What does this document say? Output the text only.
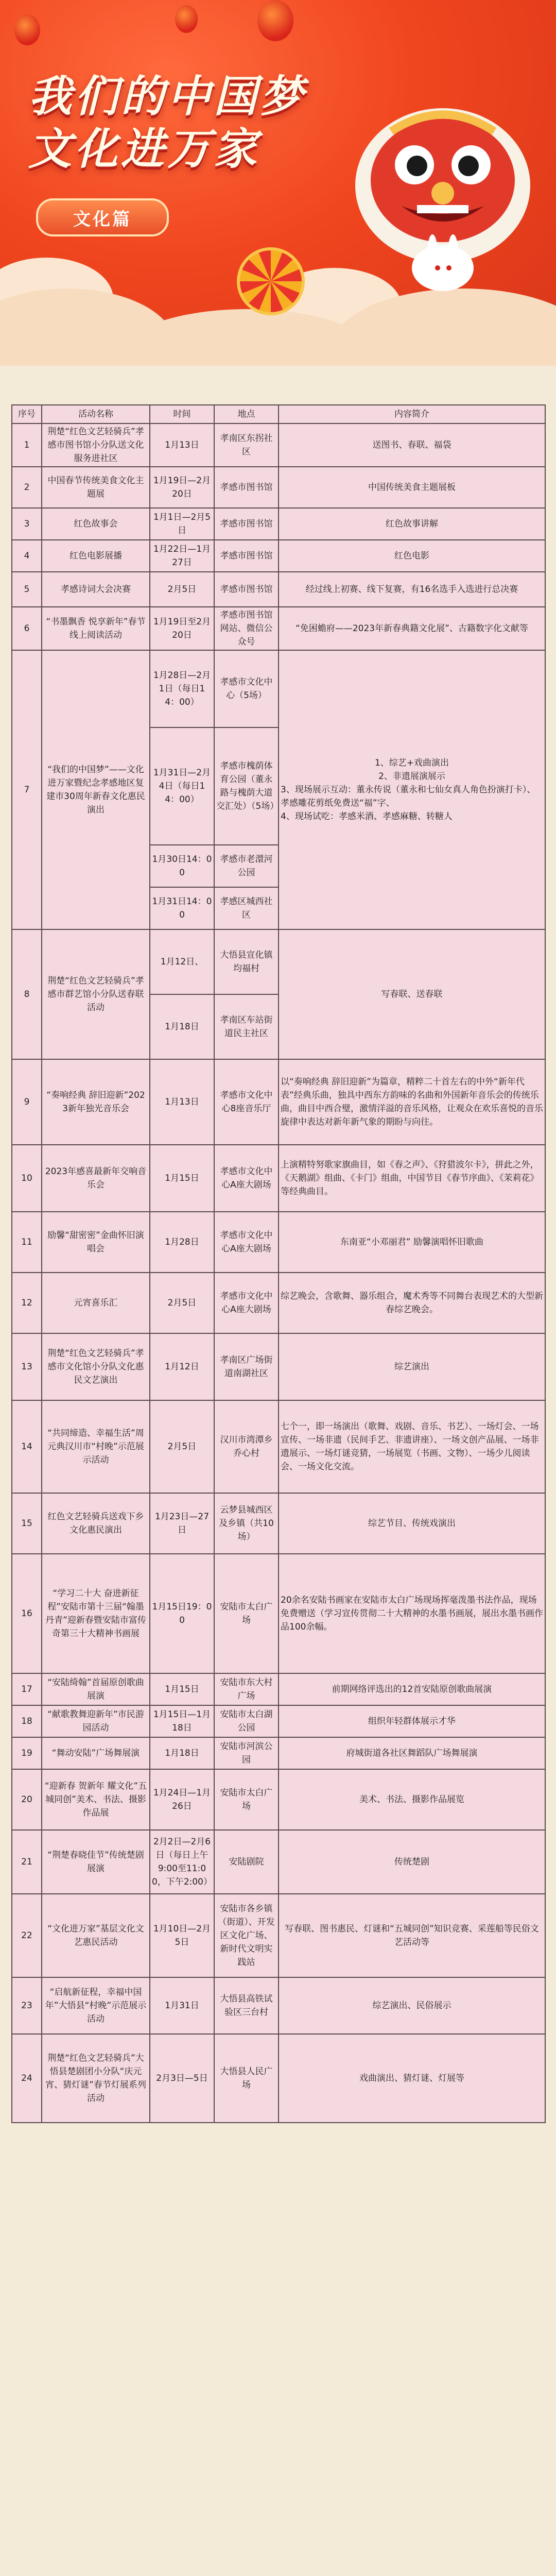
我们的中国梦
文化进万家
文化篇
序号	活动名称	时间	地点	内容简介
1	荆楚“红色文艺轻骑兵”孝感市图书馆小分队送文化服务进社区	1月13日	孝南区东拐社区	送图书、春联、福袋
2	中国春节传统美食文化主题展	1月19日—2月20日	孝感市图书馆	中国传统美食主题展板
3	红色故事会	1月1日—2月5日	孝感市图书馆	红色故事讲解
4	红色电影展播	1月22日—1月27日	孝感市图书馆	红色电影
5	孝感诗词大会决赛	2月5日	孝感市图书馆	经过线上初赛、线下复赛，有16名选手入选进行总决赛
6	“书墨飘香 悦享新年”春节线上阅读活动	1月19日至2月20日	孝感市图书馆网站、微信公众号	“免困蟾府——2023年新春典籍文化展”、古籍数字化文献等
7	“我们的中国梦”——文化进万家暨纪念孝感地区复建市30周年新春文化惠民演出	1月28日—2月1日（每日14：00）	孝感市文化中心（5场）	1、综艺+戏曲演出
2、非遗展演展示
3、现场展示互动：董永传说（董永和七仙女真人角色扮演打卡）、孝感雕花剪纸免费送“福”字、
4、现场试吃：孝感米酒、孝感麻糖、转糖人

		1月31日—2月4日（每日14：00）	孝感市槐荫体育公园（董永路与槐荫大道交汇处）（5场）	
		1月30日14：00	孝感市老澴河公园	
		1月31日14：00	孝感区城西社区	
8	荆楚“红色文艺轻骑兵”孝感市群艺馆小分队送春联活动	1月12日、	大悟县宣化镇均福村	写春联、送春联
		1月18日	孝南区车站街道民主社区	
9	“奏响经典 辞旧迎新”2023新年独光音乐会	1月13日	孝感市文化中心8座音乐厅	以“奏响经典 辞旧迎新”为篇章，精粹二十首左右的中外“新年代表”经典乐曲，独具中西东方韵味的名曲和外国新年音乐会的传统乐曲，曲目中西合璧，激情洋溢的音乐风格，让观众在欢乐喜悦的音乐旋律中表达对新年新气象的期盼与向往。
10	2023年感喜最新年交响音乐会	1月15日	孝感市文化中心A座大剧场	上演精特努歌家旗曲目，如《春之声》、《狩猎波尔卡》，拼此之外，《天鹅湖》组曲、《卡门》组曲，中国节目《春节序曲》、《茉莉花》等经典曲目。
11	励馨“甜密密”金曲怀旧演唱会	1月28日	孝感市文化中心A座大剧场	东南亚“小邓丽君” 励馨演唱怀旧歌曲
12	元宵喜乐汇	2月5日	孝感市文化中心A座大剧场	综艺晚会，含歌舞、器乐组合，魔术秀等不同舞台表现艺术的大型新春综艺晚会。
13	荆楚“红色文艺轻骑兵”孝感市文化馆小分队文化惠民文艺演出	1月12日	孝南区广场街道南湖社区	综艺演出
14	“共同缔造、幸福生活”周元典汉川市“村晚”示范展示活动	2月5日	汉川市湾潭乡乔心村	七个一，即一场演出（歌舞、戏剧、音乐、书艺）、一场灯会、一场宣传、一场非遗（民间手艺、非遗讲座）、一场文创产品展、一场非遗展示、一场灯谜竞猜，一场展览（书画、文物）、一场少儿阅读会、一场文化交流。
15	红色文艺轻骑兵送戏下乡文化惠民演出	1月23日—27日	云梦县城西区及乡镇（共10场）	综艺节目、传统戏演出
16	“学习二十大 奋进新征程”安陆市第十三届“翰墨丹青”迎新春暨安陆市富传奇第三十大精神书画展	1月15日19：00	安陆市太白广场	20余名安陆书画家在安陆市太白广场现场挥毫泼墨书法作品，现场免费赠送（学习宣传贯彻二十大精神的水墨书画展，展出水墨书画作品100余幅。
17	“安陆绮翰”首届原创歌曲展演	1月15日	安陆市东大村广场	前期网络评选出的12首安陆原创歌曲展演
18	“献歌教舞迎新年”市民游园活动	1月15日—1月18日	安陆市太白湖公园	组织年轻群体展示才华
19	“舞动安陆”广场舞展演	1月18日	安陆市河滨公园	府城街道各社区舞蹈队广场舞展演
20	“迎新春 贺新年 耀文化”五城同创”美术、书法、摄影作品展	1月24日—1月26日	安陆市太白广场	美术、书法、摄影作品展览
21	“荆楚春晓佳节”传统楚剧展演	2月2日—2月6日（每日上午9:00至11:00，下午2:00）	安陆剧院	传统楚剧
22	“文化进万家”基层文化文艺惠民活动	1月10日—2月5日	安陆市各乡镇（街道）、开发区文化广场、新时代文明实践站	写春联、图书惠民、灯谜和“五城同创”知识竞赛、采莲船等民俗文艺活动等
23	“启航新征程，幸福中国年”大悟县“村晚”示范展示活动	1月31日	大悟县高铁试验区三台村	综艺演出、民俗展示
24	荆楚“红色文艺轻骑兵”大悟县楚剧团小分队“庆元宵、猜灯谜”春节灯展系列活动	2月3日—5日	大悟县人民广场	戏曲演出、猜灯谜、灯展等
